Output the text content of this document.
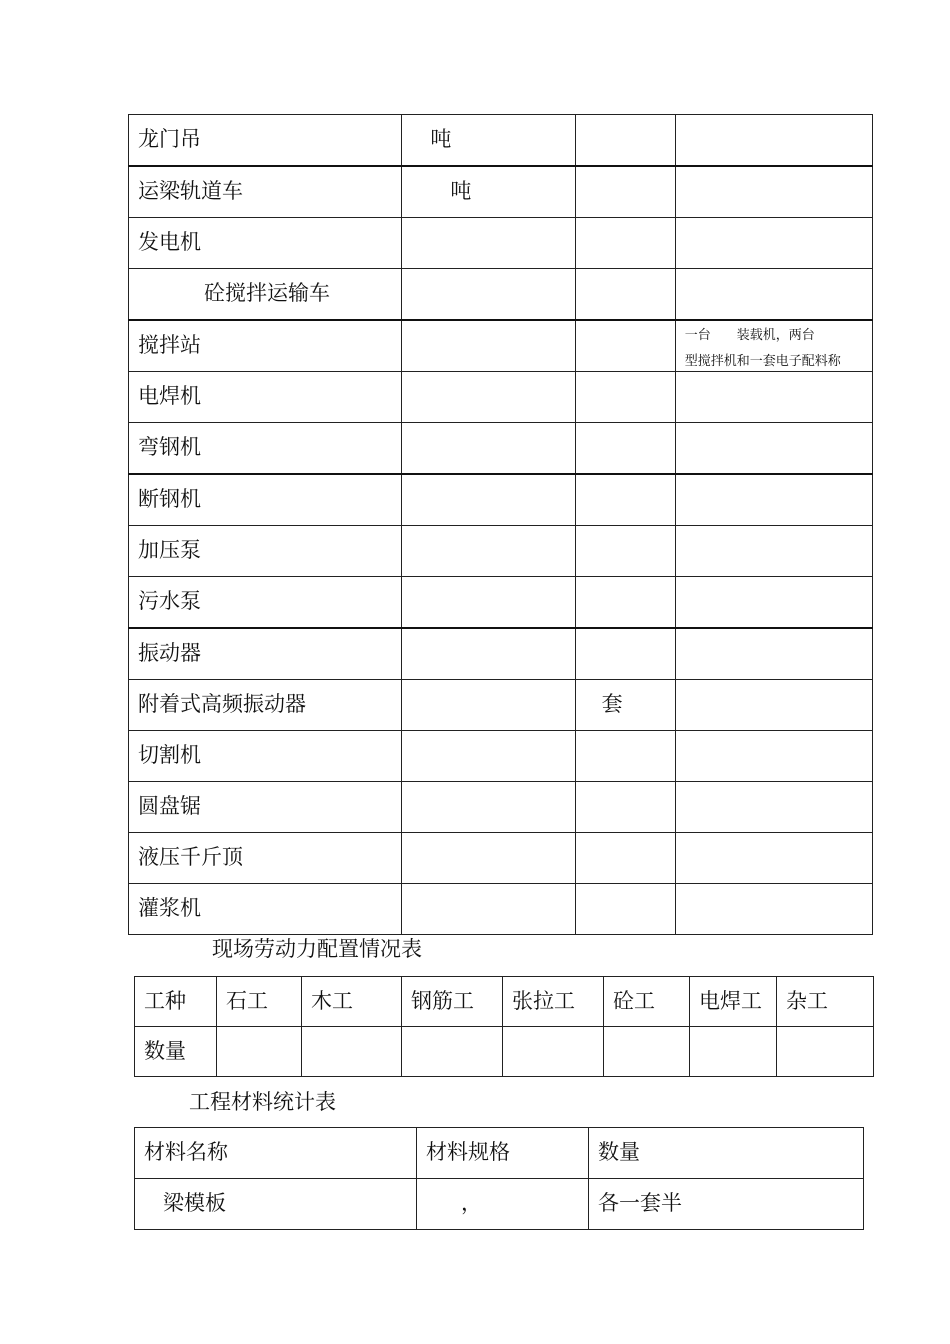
龙门吊	吨		

运梁轨道车	吨		

发电机			

砼搅拌运输车			

搅拌站			一台　　装载机，两台
型搅拌机和一套电子配料称

电焊机			

弯钢机			

断钢机			

加压泵			

污水泵			

振动器			

附着式高频振动器		套	

切割机			

圆盘锯			

液压千斤顶			

灌浆机			

现场劳动力配置情况表
工种	石工	木工	钢筋工	张拉工	砼工	电焊工	杂工

数量							

工程材料统计表
材料名称	材料规格	数量

梁模板	，	各一套半
